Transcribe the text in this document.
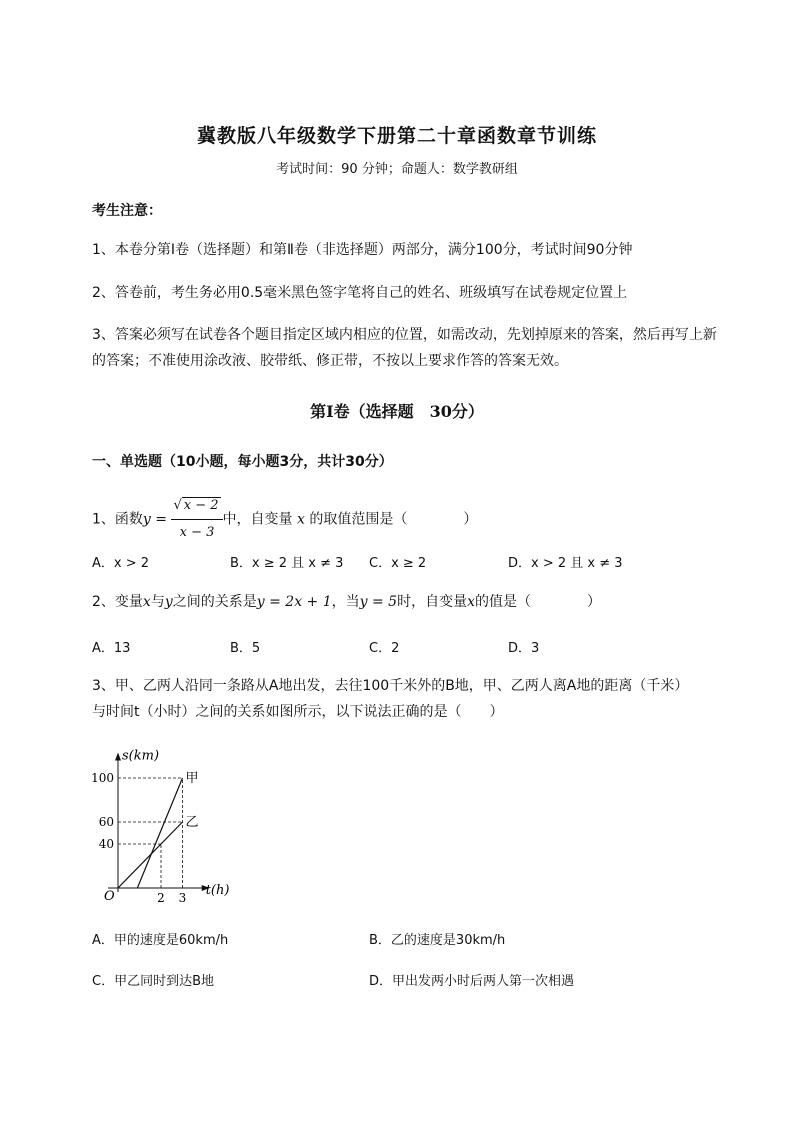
冀教版八年级数学下册第二十章函数章节训练
考试时间：90 分钟；命题人：数学教研组
考生注意：
1、本卷分第I卷（选择题）和第Ⅱ卷（非选择题）两部分，满分100分，考试时间90分钟
2、答卷前，考生务必用0.5毫米黑色签字笔将自己的姓名、班级填写在试卷规定位置上
3、答案必须写在试卷各个题目指定区域内相应的位置，如需改动，先划掉原来的答案，然后再写上新
的答案；不准使用涂改液、胶带纸、修正带，不按以上要求作答的答案无效。
第I卷（选择题　30分）
一、单选题（10小题，每小题3分，共计30分）
1、函数$y = \frac{√ x - 2}{x - 3}$ 中，自变量 x 的取值范围是（　　　　）
A．x > 2	B．x ≥ 2 且 x ≠ 3 C．x ≥ 2	D．x > 2 且 x ≠ 3
2、变量x与y之间的关系是y = 2x + 1，当y = 5时，自变量x的值是（　　　　）
A．13	B．5	C．2	D．3
3、甲、乙两人沿同一条路从A地出发，去往100千米外的B地，甲、乙两人离A地的距离（千米）
与时间t（小时）之间的关系如图所示，以下说法正确的是（　　）
s(km)
t(h)
O
40
60
100
2 3
甲
乙
A．甲的速度是60km/h	B．乙的速度是30km/h
C．甲乙同时到达B地	D．甲出发两小时后两人第一次相遇
